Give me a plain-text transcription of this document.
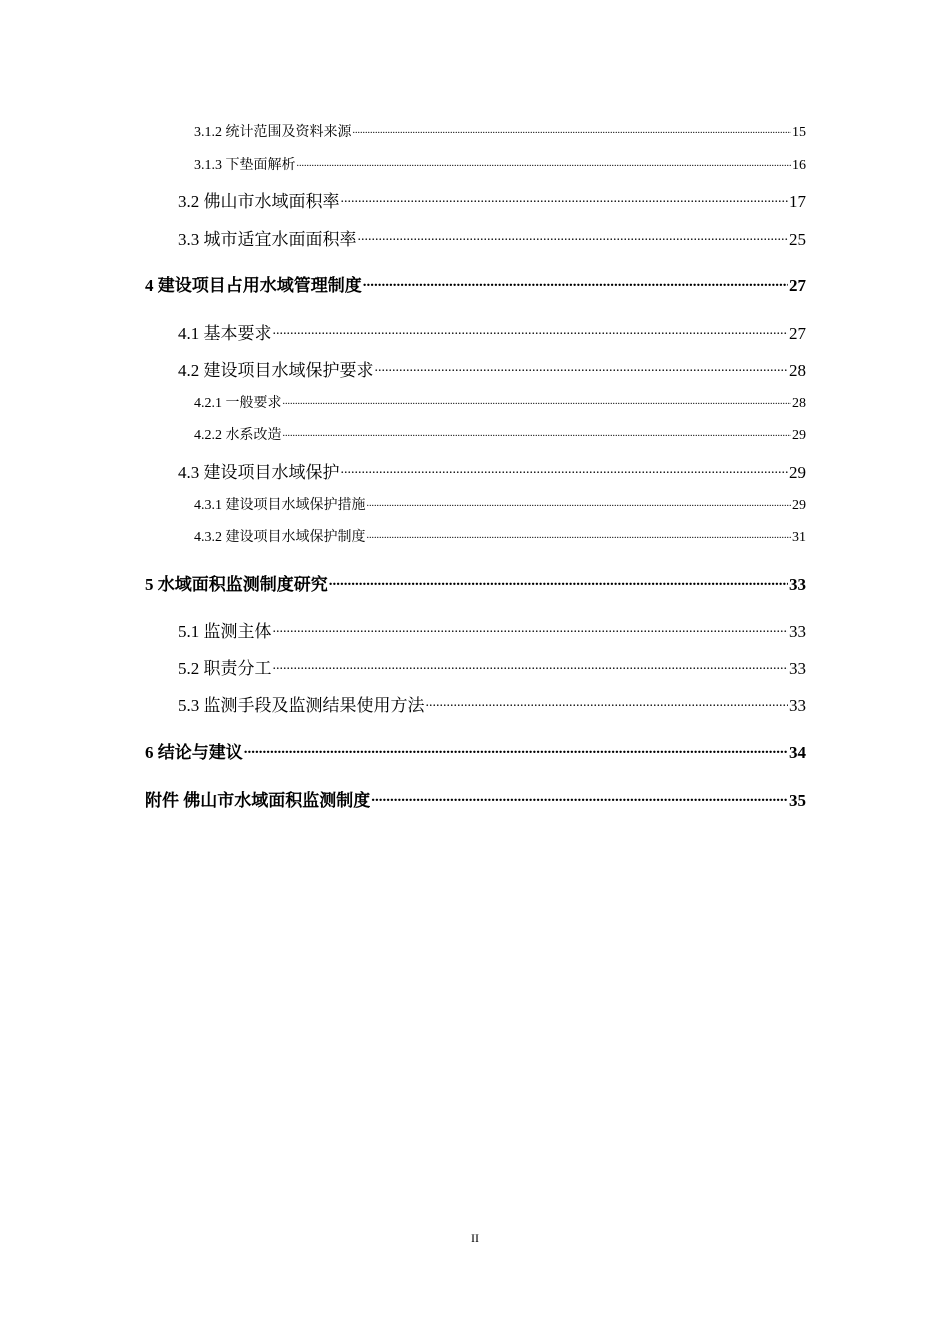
3.1.2 统计范围及资料来源 .....	15
3.1.3 下垫面解析 .....	16
3.2 佛山市水域面积率 .....	17
3.3 城市适宜水面面积率 .....	25
4 建设项目占用水域管理制度 .....	27
4.1 基本要求 .....	27
4.2 建设项目水域保护要求 .....	28
4.2.1 一般要求 .....	28
4.2.2 水系改造 .....	29
4.3 建设项目水域保护 .....	29
4.3.1 建设项目水域保护措施 .....	29
4.3.2 建设项目水域保护制度 .....	31
5 水域面积监测制度研究 .....	33
5.1 监测主体 .....	33
5.2 职责分工 .....	33
5.3 监测手段及监测结果使用方法 .....	33
6 结论与建议 .....	34
附件 佛山市水域面积监测制度 .....	35
II
